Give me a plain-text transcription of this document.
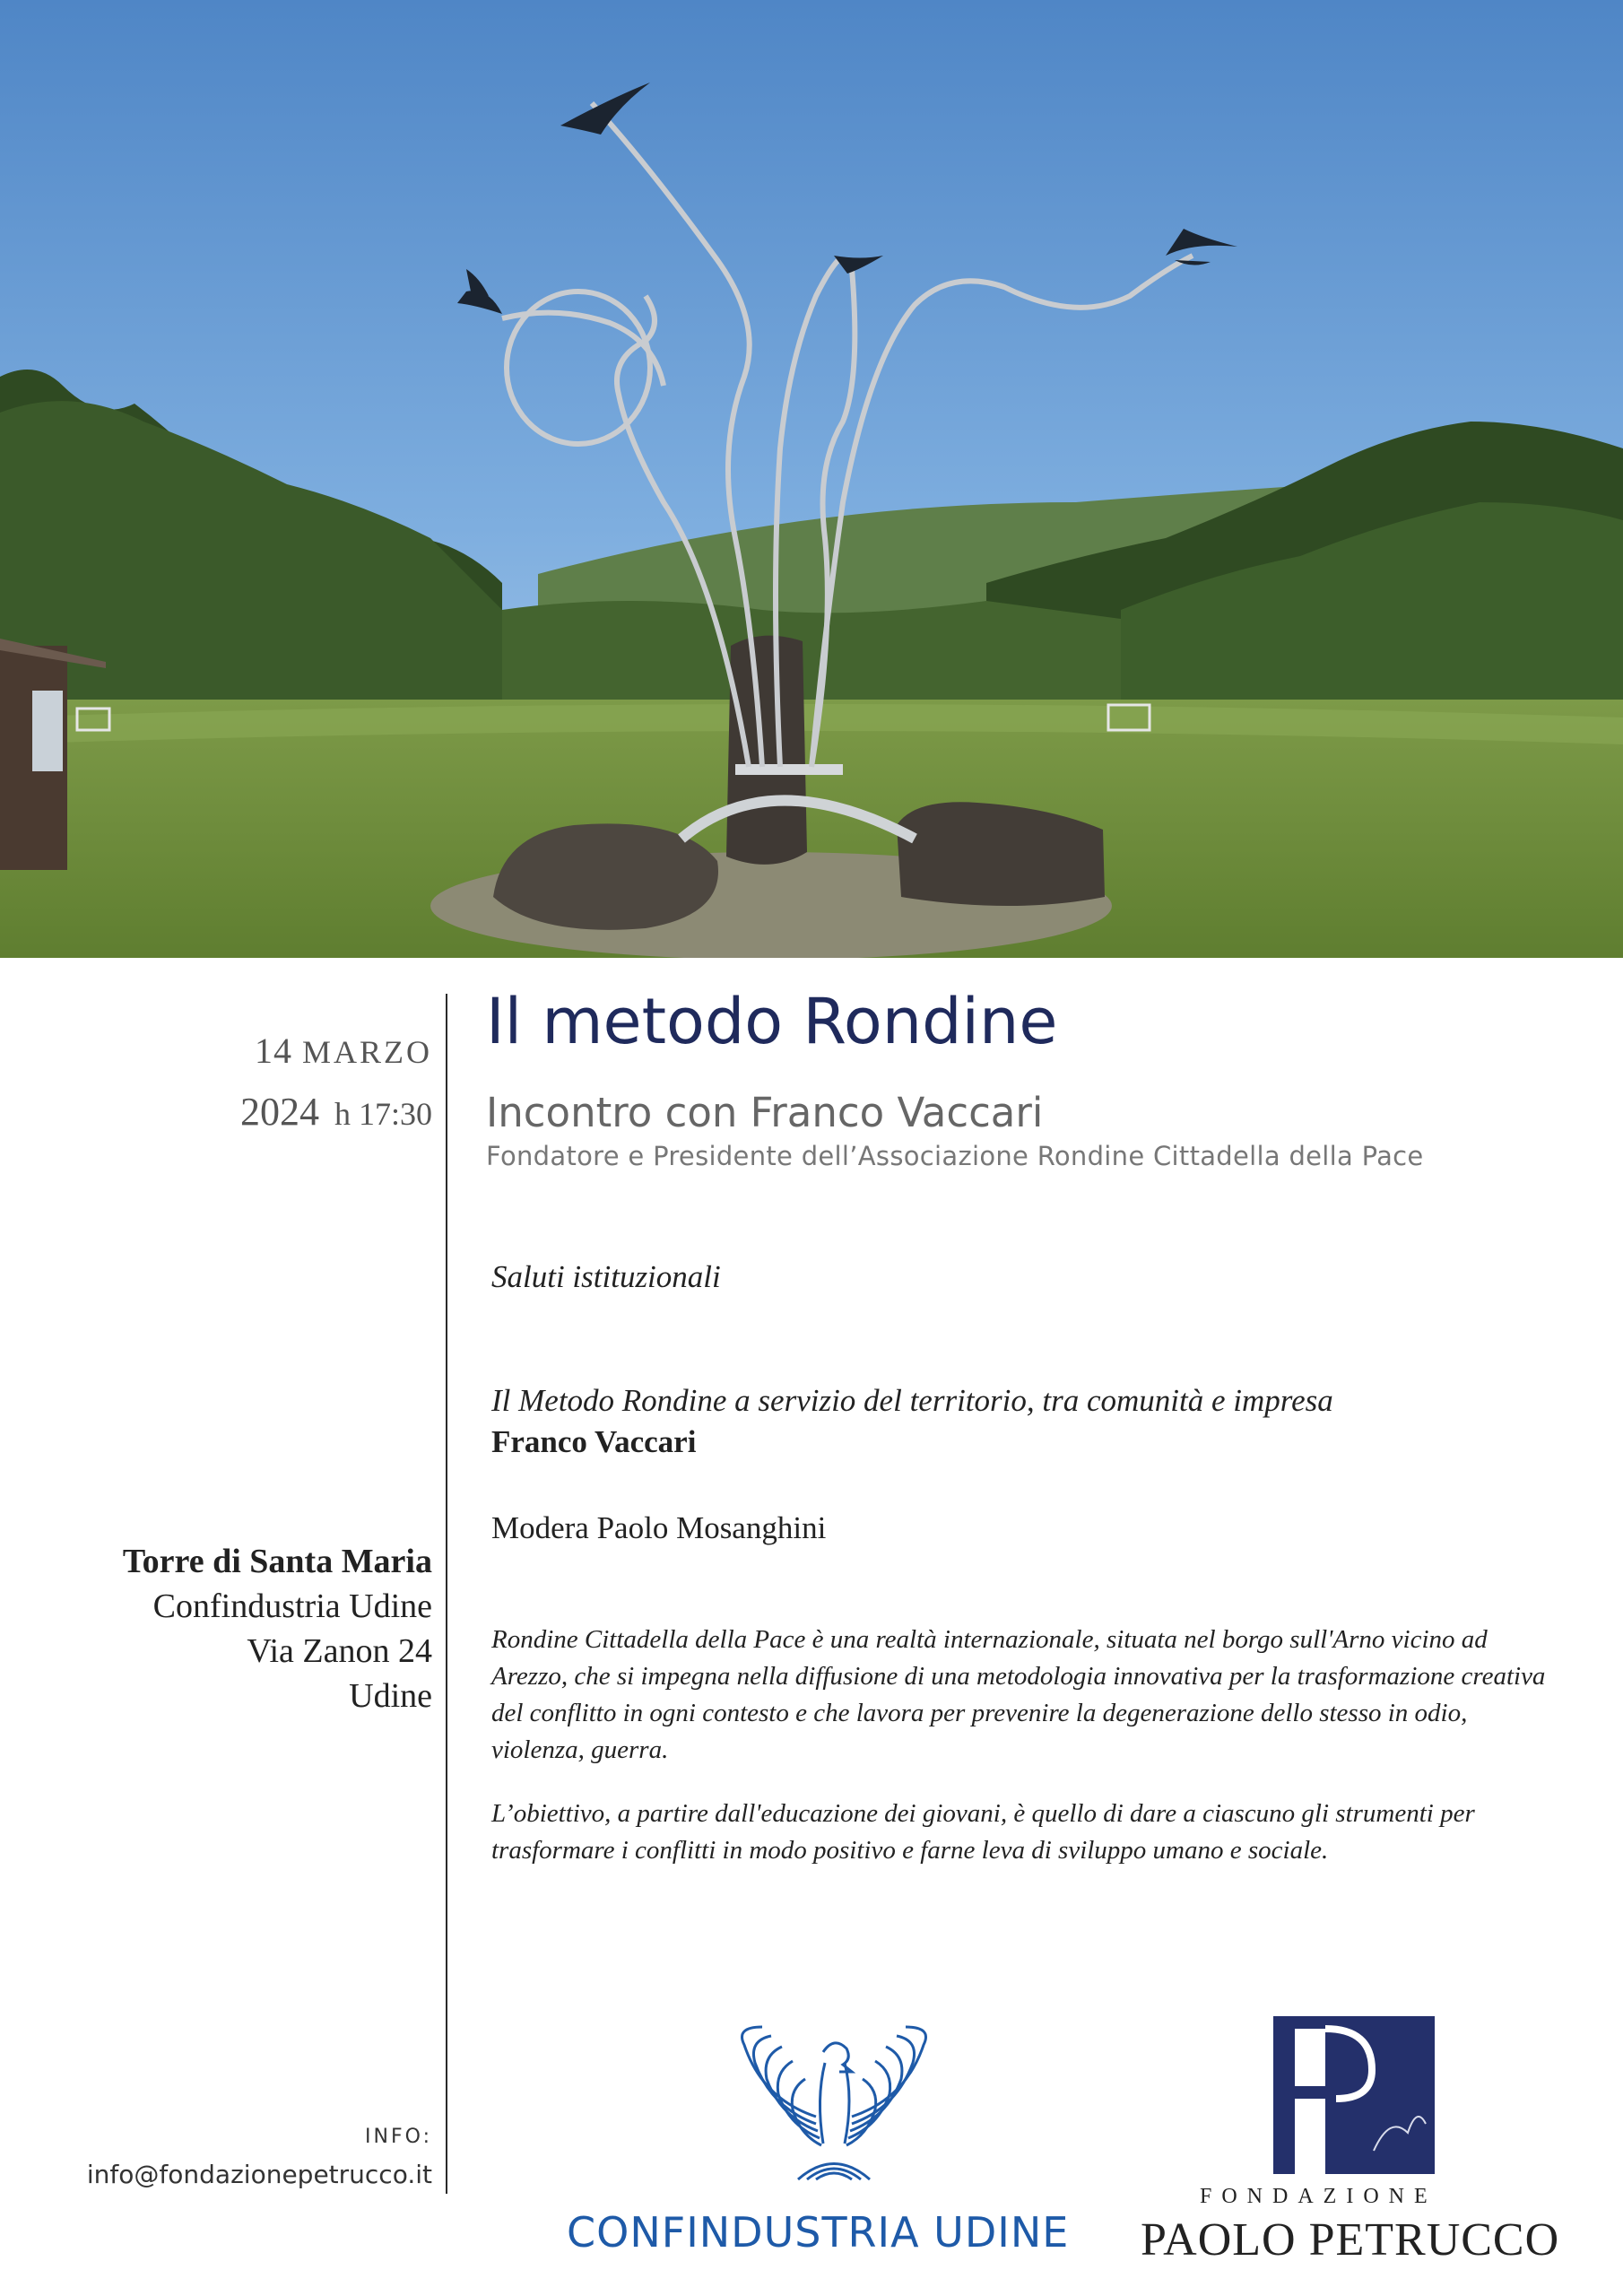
14 MARZO
2024 h 17:30
Torre di Santa Maria
Confindustria Udine
Via Zanon 24
Udine
INFO:
info@fondazionepetrucco.it
Il metodo Rondine
Incontro con Franco Vaccari
Fondatore e Presidente dell’Associazione Rondine Cittadella della Pace
Saluti istituzionali
Il Metodo Rondine a servizio del territorio, tra comunità e impresa
Franco Vaccari
Modera Paolo Mosanghini

Rondine Cittadella della Pace è una realtà internazionale, situata nel borgo sull'Arno vicino ad Arezzo, che si impegna nella diffusione di una metodologia innovativa per la trasformazione creativa del conflitto in ogni contesto e che lavora per prevenire la degenerazione dello stesso in odio, violenza, guerra.

L’obiettivo, a partire dall'educazione dei giovani, è quello di dare a ciascuno gli strumenti per trasformare i conflitti in modo positivo e farne leva di sviluppo umano e sociale.

CONFINDUSTRIA UDINE
FONDAZIONE
PAOLO PETRUCCO
